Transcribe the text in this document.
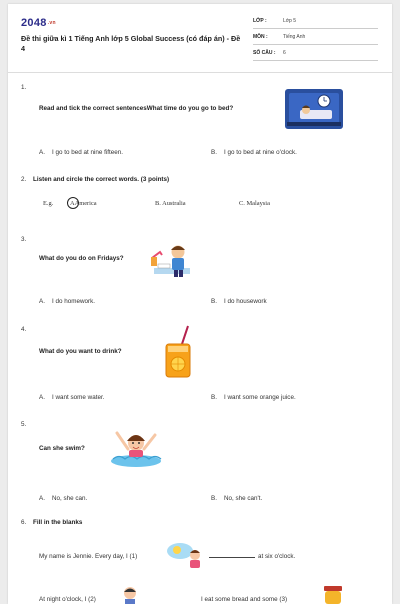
2048.vn
Đề thi giữa kì 1 Tiếng Anh lớp 5 Global Success (có đáp án) - Đề 4
LỚP :	Lớp 5
MÔN :	Tiếng Anh
SỐ CÂU : 6
1.
Read and tick the correct sentencesWhat time do you go to bed?
A. I go to bed at nine fifteen.	B. I go to bed at nine o'clock.
2. Listen and circle the correct words. (3 points)
E.g.	AAmerica	B. Australia	C. Malaysia
3.
What do you do on Fridays?
A. I do homework.	B. I do housework
4.
What do you want to drink?
A. I want some water.	B. I want some orange juice.
5.
Can she swim?
A. No, she can.	B. No, she can't.
6. Fill in the blanks
My name is Jennie. Every day, I (1)	at six o'clock.
At night o'clock, I (2)	I eat some bread and some (3)
